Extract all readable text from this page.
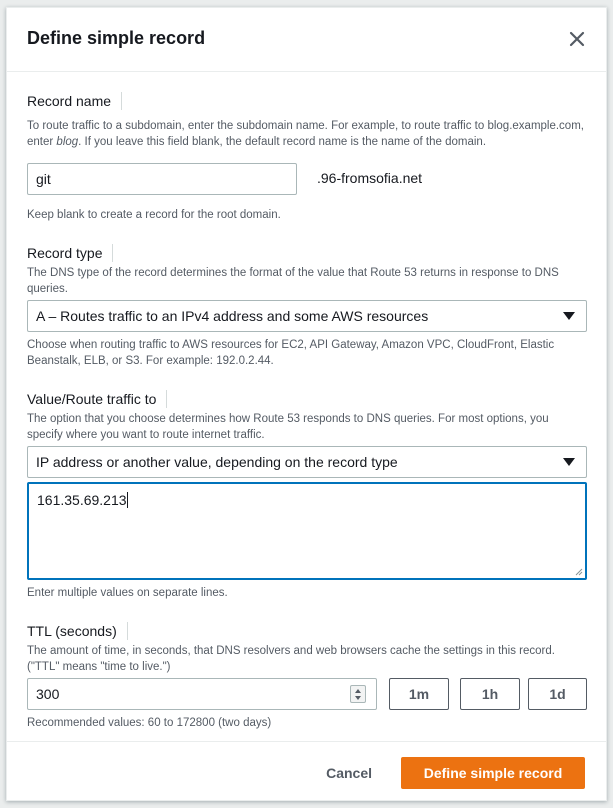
Define simple record
Record name
To route traffic to a subdomain, enter the subdomain name. For example, to route traffic to blog.example.com, enter blog. If you leave this field blank, the default record name is the name of the domain.
git	.96-fromsofia.net
Keep blank to create a record for the root domain.
Record type
The DNS type of the record determines the format of the value that Route 53 returns in response to DNS queries.
A – Routes traffic to an IPv4 address and some AWS resources
Choose when routing traffic to AWS resources for EC2, API Gateway, Amazon VPC, CloudFront, Elastic Beanstalk, ELB, or S3. For example: 192.0.2.44.
Value/Route traffic to
The option that you choose determines how Route 53 responds to DNS queries. For most options, you specify where you want to route internet traffic.
IP address or another value, depending on the record type
161.35.69.213
Enter multiple values on separate lines.
TTL (seconds)
The amount of time, in seconds, that DNS resolvers and web browsers cache the settings in this record. ("TTL" means "time to live.")
300	1m	1h	1d
Recommended values: 60 to 172800 (two days)
Cancel	Define simple record
